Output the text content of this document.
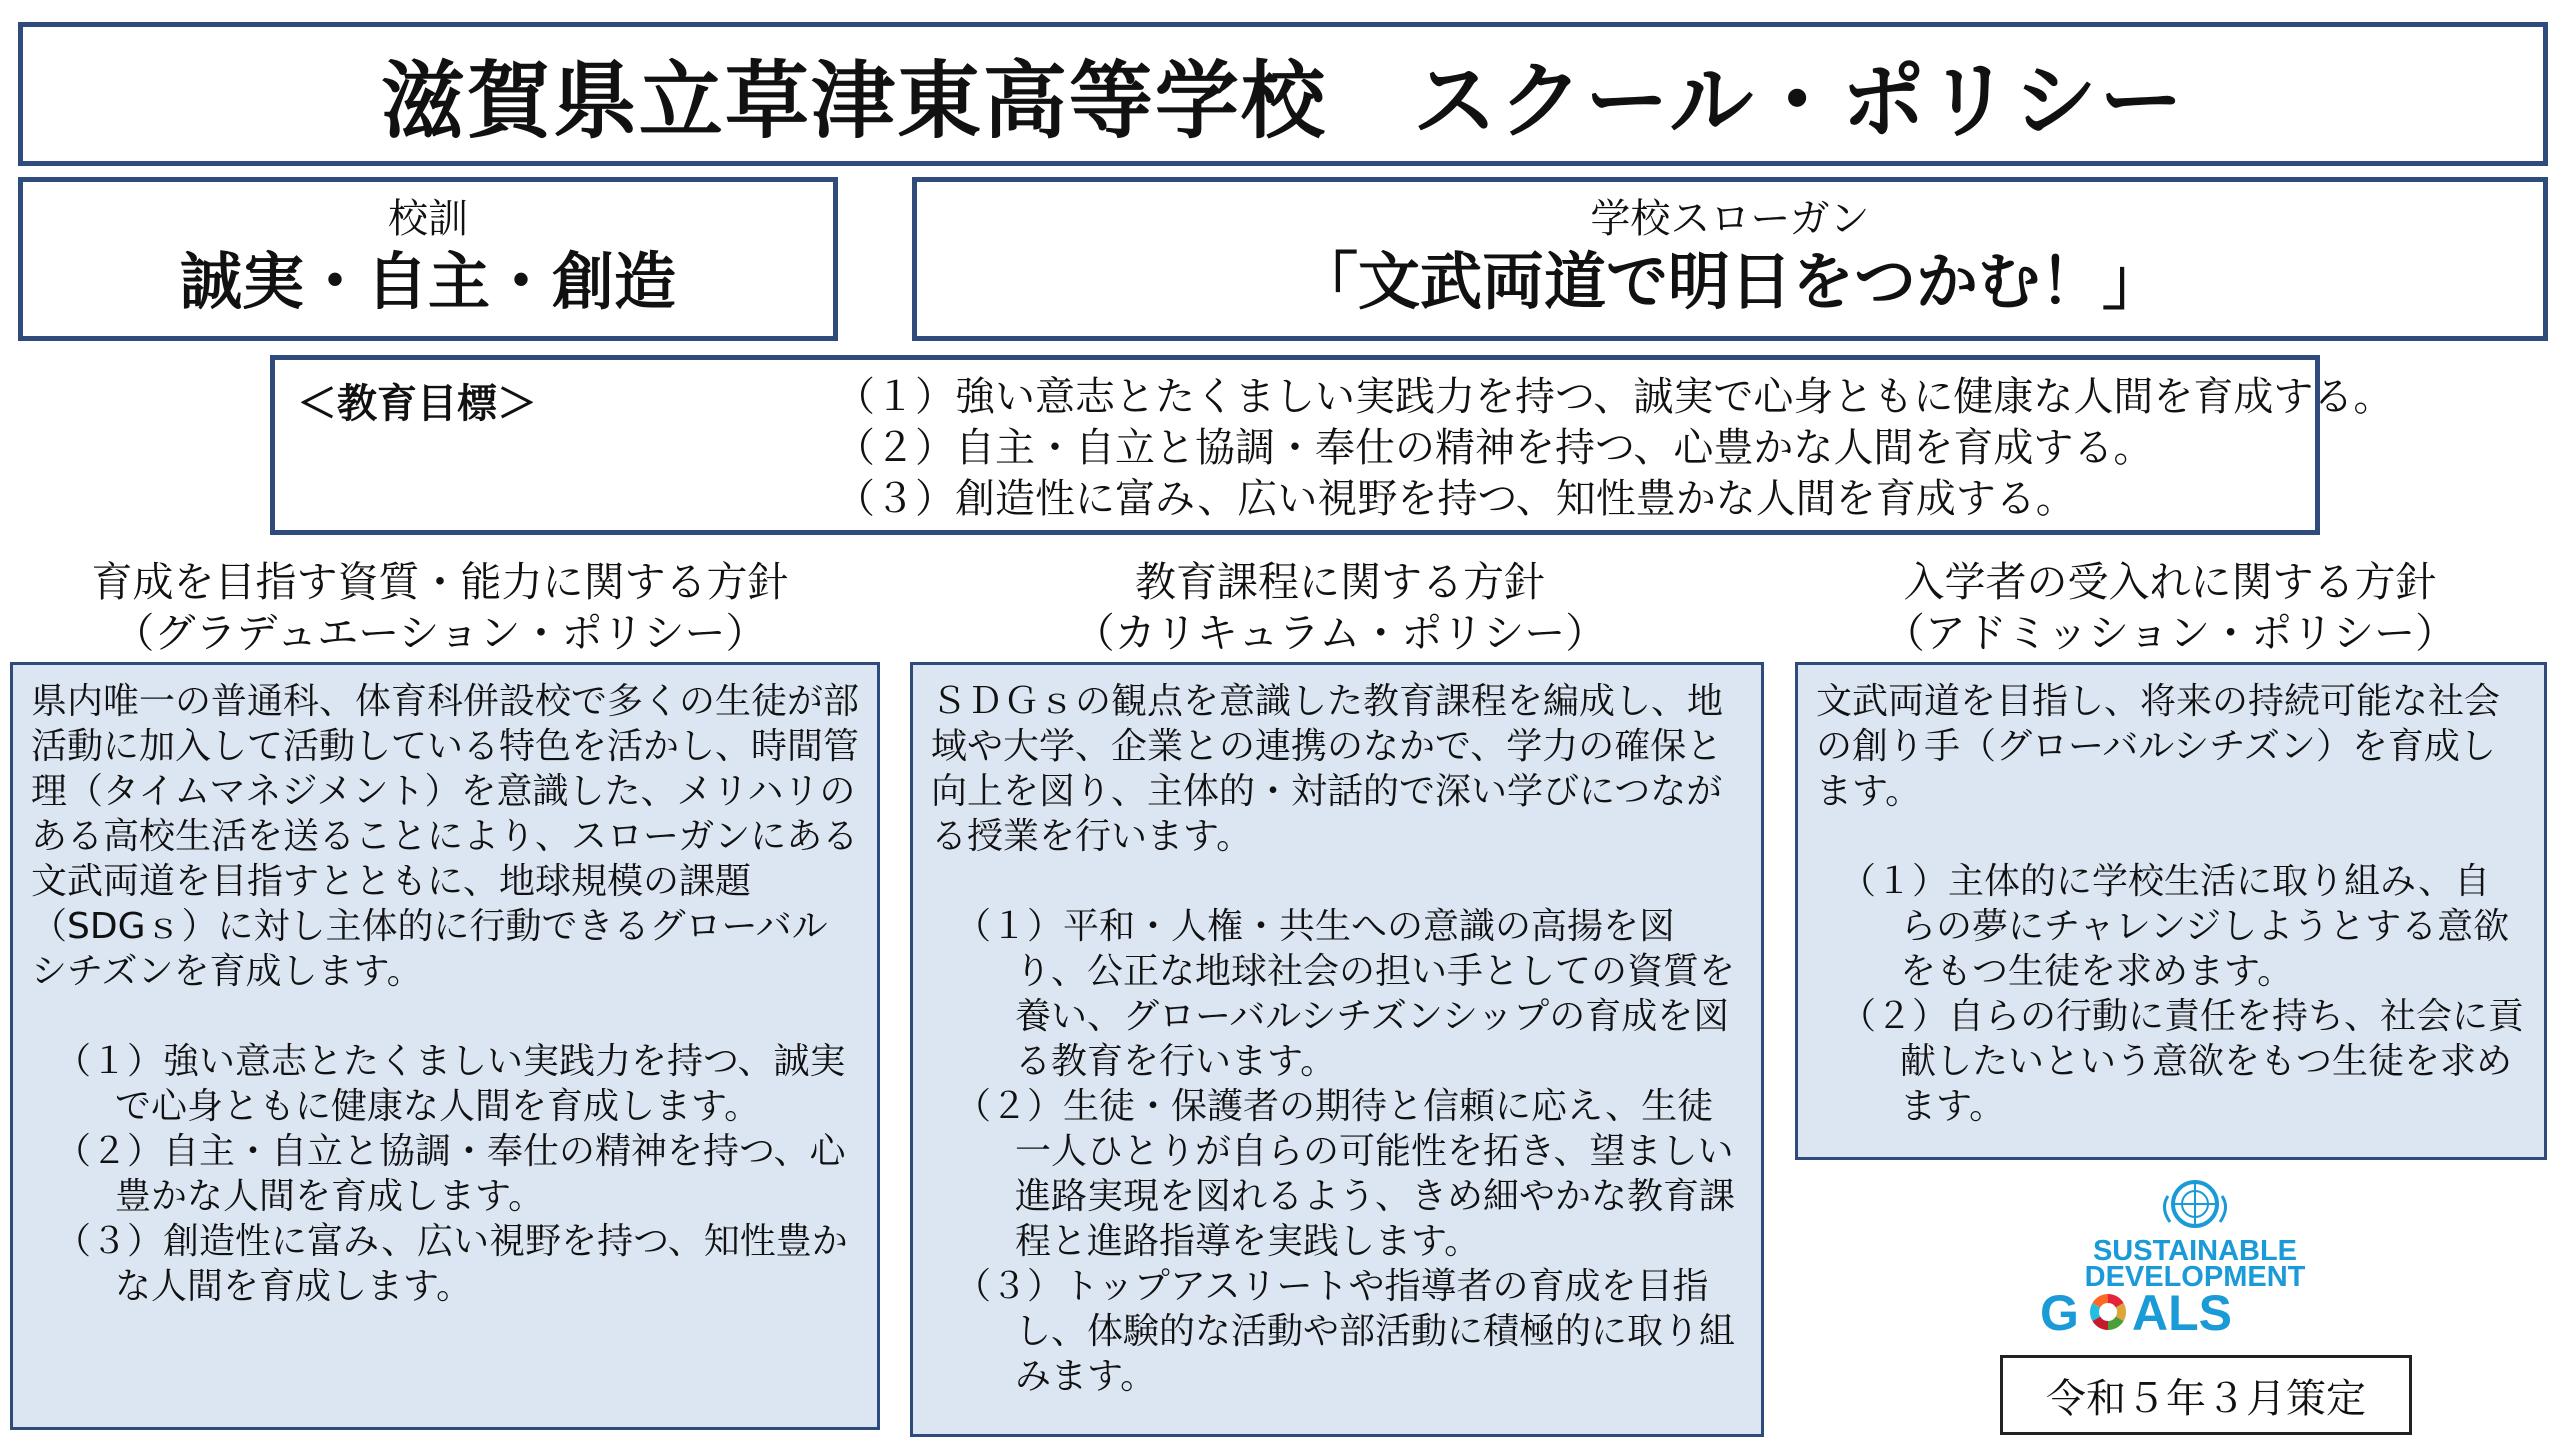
滋賀県立草津東高等学校　スクール・ポリシー
校訓
誠実・自主・創造
学校スローガン
「文武両道で明日をつかむ！」
＜教育目標＞	（１）強い意志とたくましい実践力を持つ、誠実で心身ともに健康な人間を育成する。
（２）自主・自立と協調・奉仕の精神を持つ、心豊かな人間を育成する。
（３）創造性に富み、広い視野を持つ、知性豊かな人間を育成する。
育成を目指す資質・能力に関する方針
（グラデュエーション・ポリシー）

県内唯一の普通科、体育科併設校で多くの生徒が部活動に加入して活動している特色を活かし、時間管理（タイムマネジメント）を意識した、メリハリのある高校生活を送ることにより、スローガンにある文武両道を目指すとともに、地球規模の課題（SDGｓ）に対し主体的に行動できるグローバルシチズンを育成します。

（１）強い意志とたくましい実践力を持つ、誠実で心身ともに健康な人間を育成します。
（２）自主・自立と協調・奉仕の精神を持つ、心豊かな人間を育成します。
（３）創造性に富み、広い視野を持つ、知性豊かな人間を育成します。
教育課程に関する方針
（カリキュラム・ポリシー）

ＳＤＧｓの観点を意識した教育課程を編成し、地域や大学、企業との連携のなかで、学力の確保と向上を図り、主体的・対話的で深い学びにつながる授業を行います。

（１）平和・人権・共生への意識の高揚を図り、公正な地球社会の担い手としての資質を養い、グローバルシチズンシップの育成を図る教育を行います。
（２）生徒・保護者の期待と信頼に応え、生徒一人ひとりが自らの可能性を拓き、望ましい進路実現を図れるよう、きめ細やかな教育課程と進路指導を実践します。
（３）トップアスリートや指導者の育成を目指し、体験的な活動や部活動に積極的に取り組みます。
入学者の受入れに関する方針
（アドミッション・ポリシー）

文武両道を目指し、将来の持続可能な社会の創り手（グローバルシチズン）を育成します。

（１）主体的に学校生活に取り組み、自らの夢にチャレンジしようとする意欲をもつ生徒を求めます。
（２）自らの行動に責任を持ち、社会に貢献したいという意欲をもつ生徒を求めます。
SUSTAINABLE
DEVELOPMENT
G ALS
令和５年３月策定
